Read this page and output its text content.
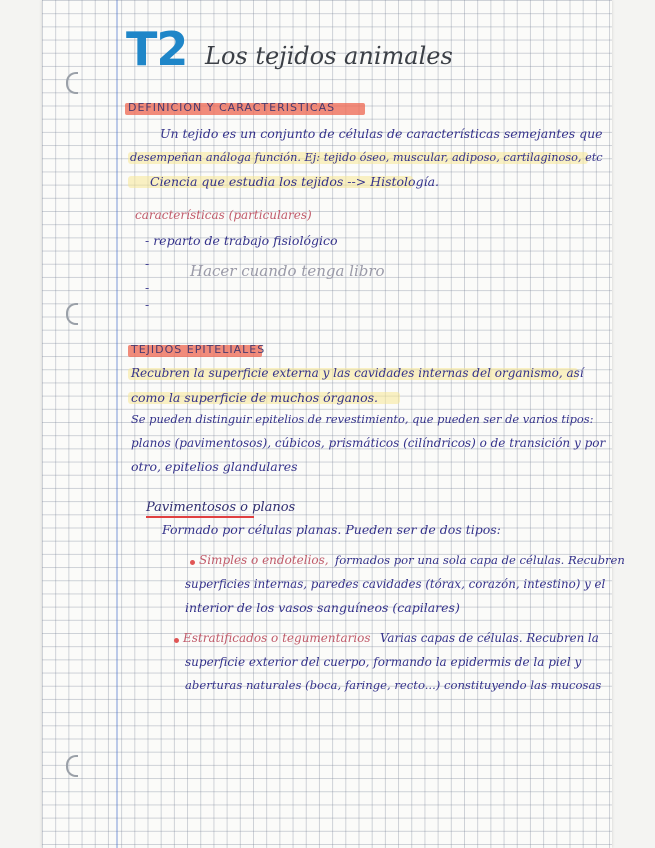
T2 Los tejidos animales
DEFINICION Y CARACTERISTICAS
Un tejido es un conjunto de células de características semejantes que
desempeñan análoga función. Ej: tejido óseo, muscular, adiposo, cartilaginoso, etc
Ciencia que estudia los tejidos --> Histología.
características (particulares)
- reparto de trabajo fisiológico
-	Hacer cuando tenga libro
-
-
TEJIDOS EPITELIALES
Recubren la superficie externa y las cavidades internas del organismo, así
como la superficie de muchos órganos.
Se pueden distinguir epitelios de revestimiento, que pueden ser de varios tipos:
planos (pavimentosos), cúbicos, prismáticos (cilíndricos) o de transición y por
otro, epitelios glandulares
Pavimentosos o planos
Formado por células planas. Pueden ser de dos tipos:
Simples o endotelios, formados por una sola capa de células. Recubren
superficies internas, paredes cavidades (tórax, corazón, intestino) y el
interior de los vasos sanguíneos (capilares)
Estratificados o tegumentarios Varias capas de células. Recubren la
superficie exterior del cuerpo, formando la epidermis de la piel y
aberturas naturales (boca, faringe, recto...) constituyendo las mucosas
